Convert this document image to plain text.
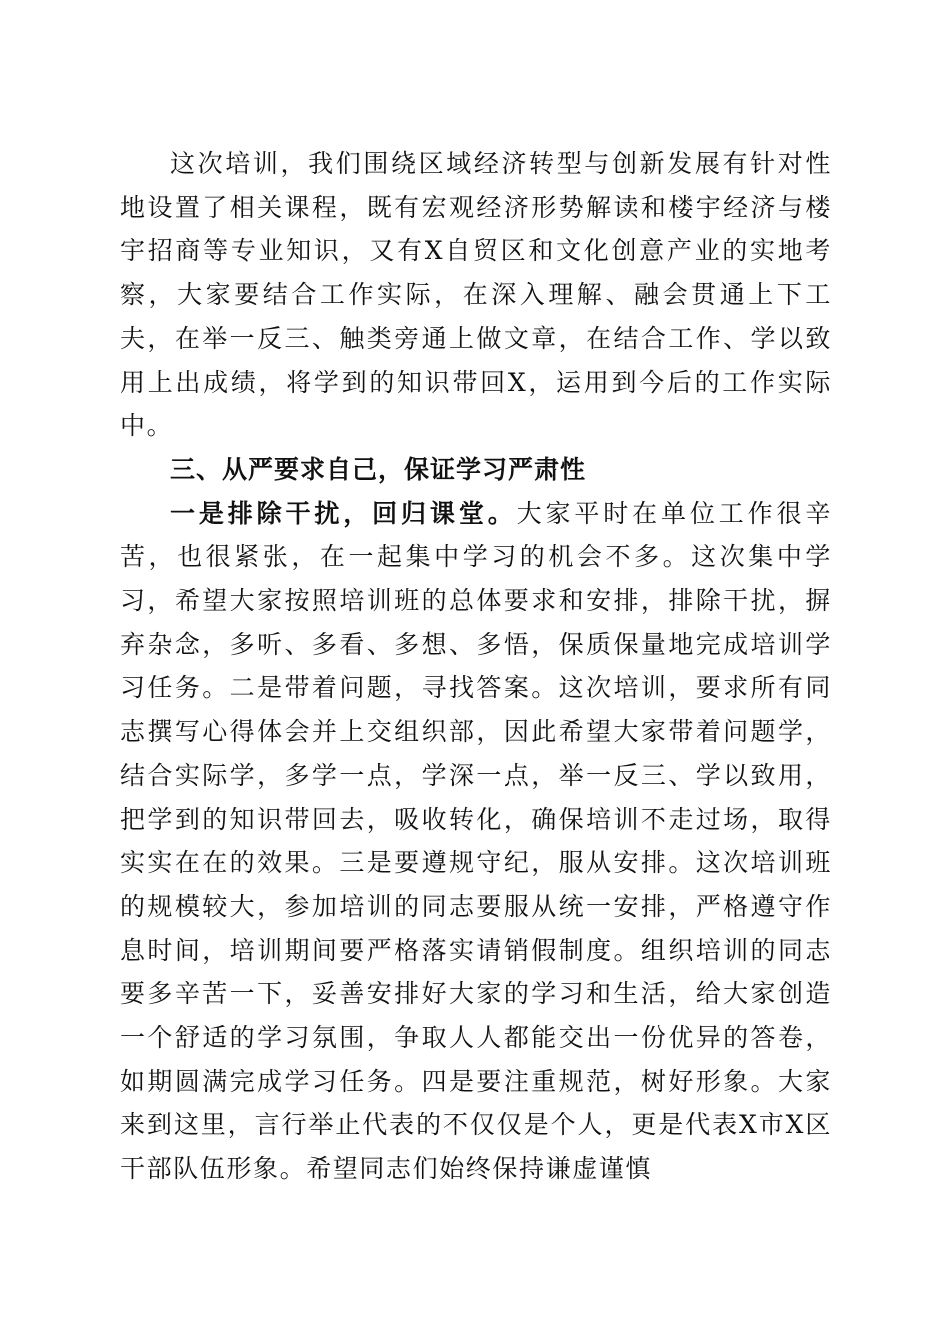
这次培训，我们围绕区域经济转型与创新发展有针对性地设置了相关课程，既有宏观经济形势解读和楼宇经济与楼宇招商等专业知识，又有X自贸区和文化创意产业的实地考察，大家要结合工作实际，在深入理解、融会贯通上下工夫，在举一反三、触类旁通上做文章，在结合工作、学以致用上出成绩，将学到的知识带回X，运用到今后的工作实际中。

三、从严要求自己，保证学习严肃性

一是排除干扰，回归课堂。大家平时在单位工作很辛苦，也很紧张，在一起集中学习的机会不多。这次集中学习，希望大家按照培训班的总体要求和安排，排除干扰，摒弃杂念，多听、多看、多想、多悟，保质保量地完成培训学习任务。二是带着问题，寻找答案。这次培训，要求所有同志撰写心得体会并上交组织部，因此希望大家带着问题学，结合实际学，多学一点，学深一点，举一反三、学以致用，把学到的知识带回去，吸收转化，确保培训不走过场，取得实实在在的效果。三是要遵规守纪，服从安排。这次培训班的规模较大，参加培训的同志要服从统一安排，严格遵守作息时间，培训期间要严格落实请销假制度。组织培训的同志要多辛苦一下，妥善安排好大家的学习和生活，给大家创造一个舒适的学习氛围，争取人人都能交出一份优异的答卷，如期圆满完成学习任务。四是要注重规范，树好形象。大家来到这里，言行举止代表的不仅仅是个人，更是代表X市X区干部队伍形象。希望同志们始终保持谦虚谨慎
